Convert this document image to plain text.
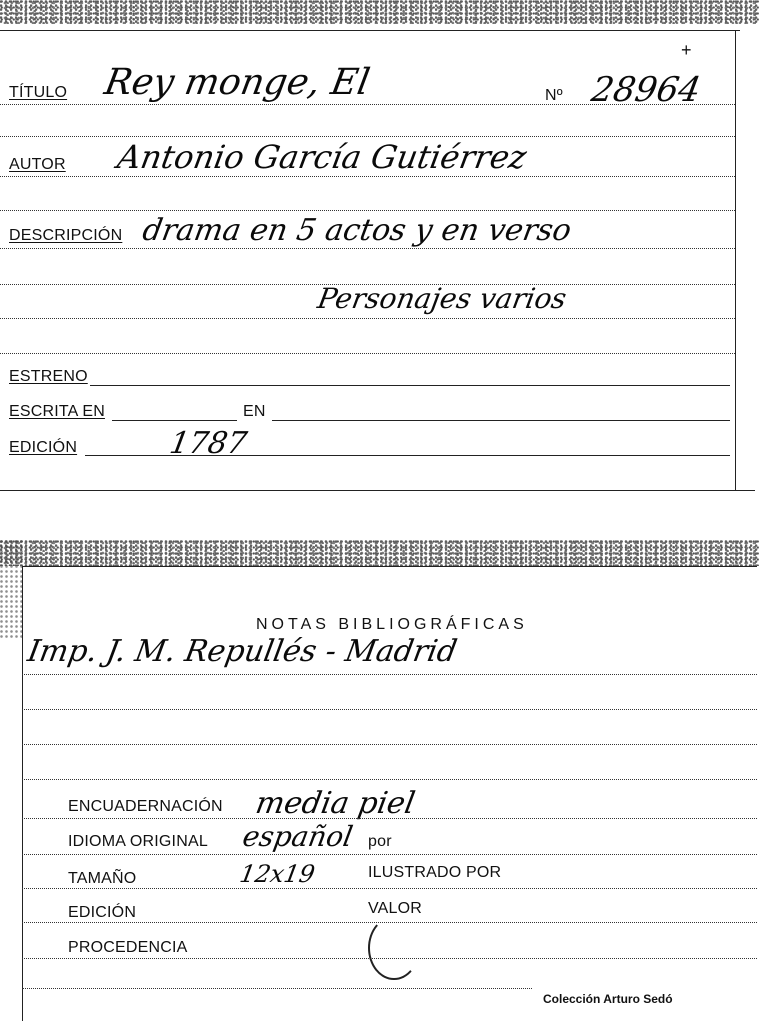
TÍTULO Rey monge, El	Nº 28964
+
AUTOR Antonio García Gutiérrez
DESCRIPCIÓN drama en 5 actos y en verso
Personajes varios
ESTRENO
ESCRITA EN	EN
EDICIÓN	1787
NOTAS BIBLIOGRÁFICAS
Imp. J. M. Repullés - Madrid
ENCUADERNACIÓN media piel
IDIOMA ORIGINAL español por
TAMAÑO	12x19	ILUSTRADO POR
EDICIÓN	VALOR
PROCEDENCIA
Colección Arturo Sedó
